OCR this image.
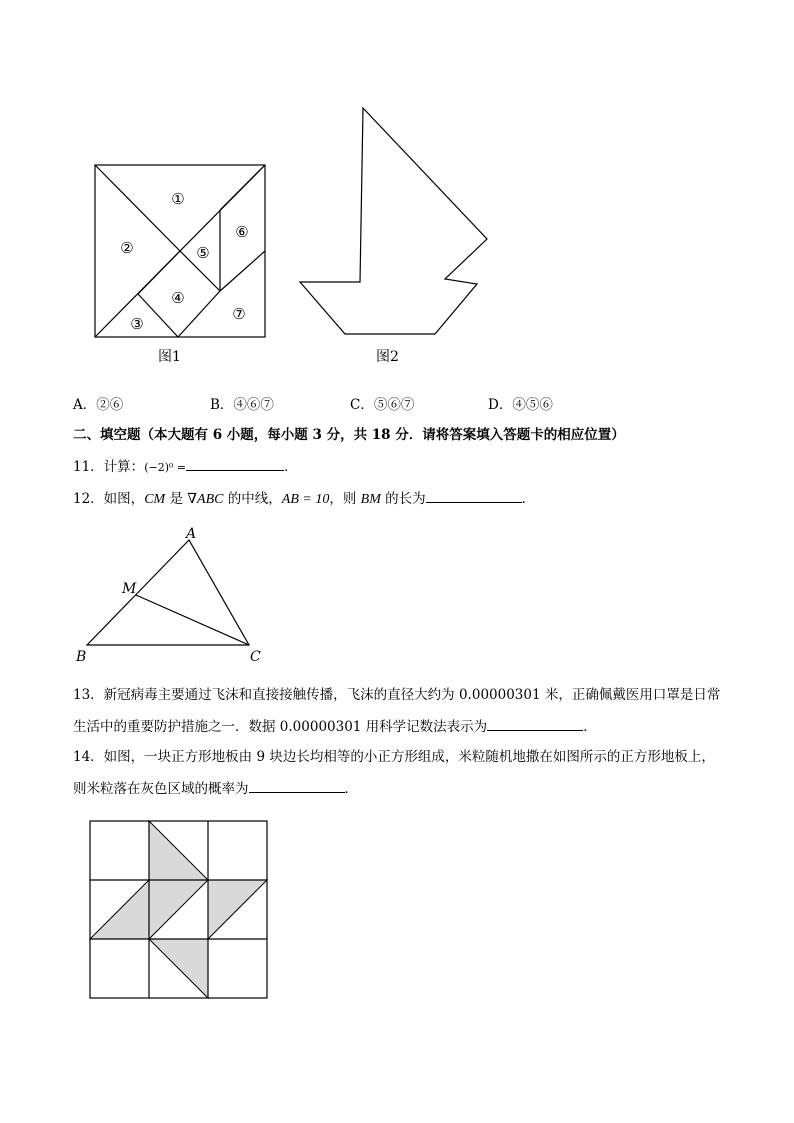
①
②
③
④
⑤
⑥
⑦
图1	图2
A．②⑥	B．④⑥⑦	C．⑤⑥⑦	D．④⑤⑥
二、填空题（本大题有 6 小题，每小题 3 分，共 18 分．请将答案填入答题卡的相应位置）
11．计算：(−2)⁰ =	．
12．如图，CM 是 ∇ABC 的中线，AB = 10，则 BM 的长为	．
A
M
B	C
13．新冠病毒主要通过飞沫和直接接触传播，飞沫的直径大约为 0.00000301 米，正确佩戴医用口罩是日常
生活中的重要防护措施之一．数据 0.00000301 用科学记数法表示为	．
14．如图，一块正方形地板由 9 块边长均相等的小正方形组成，米粒随机地撒在如图所示的正方形地板上，
则米粒落在灰色区域的概率为	．
